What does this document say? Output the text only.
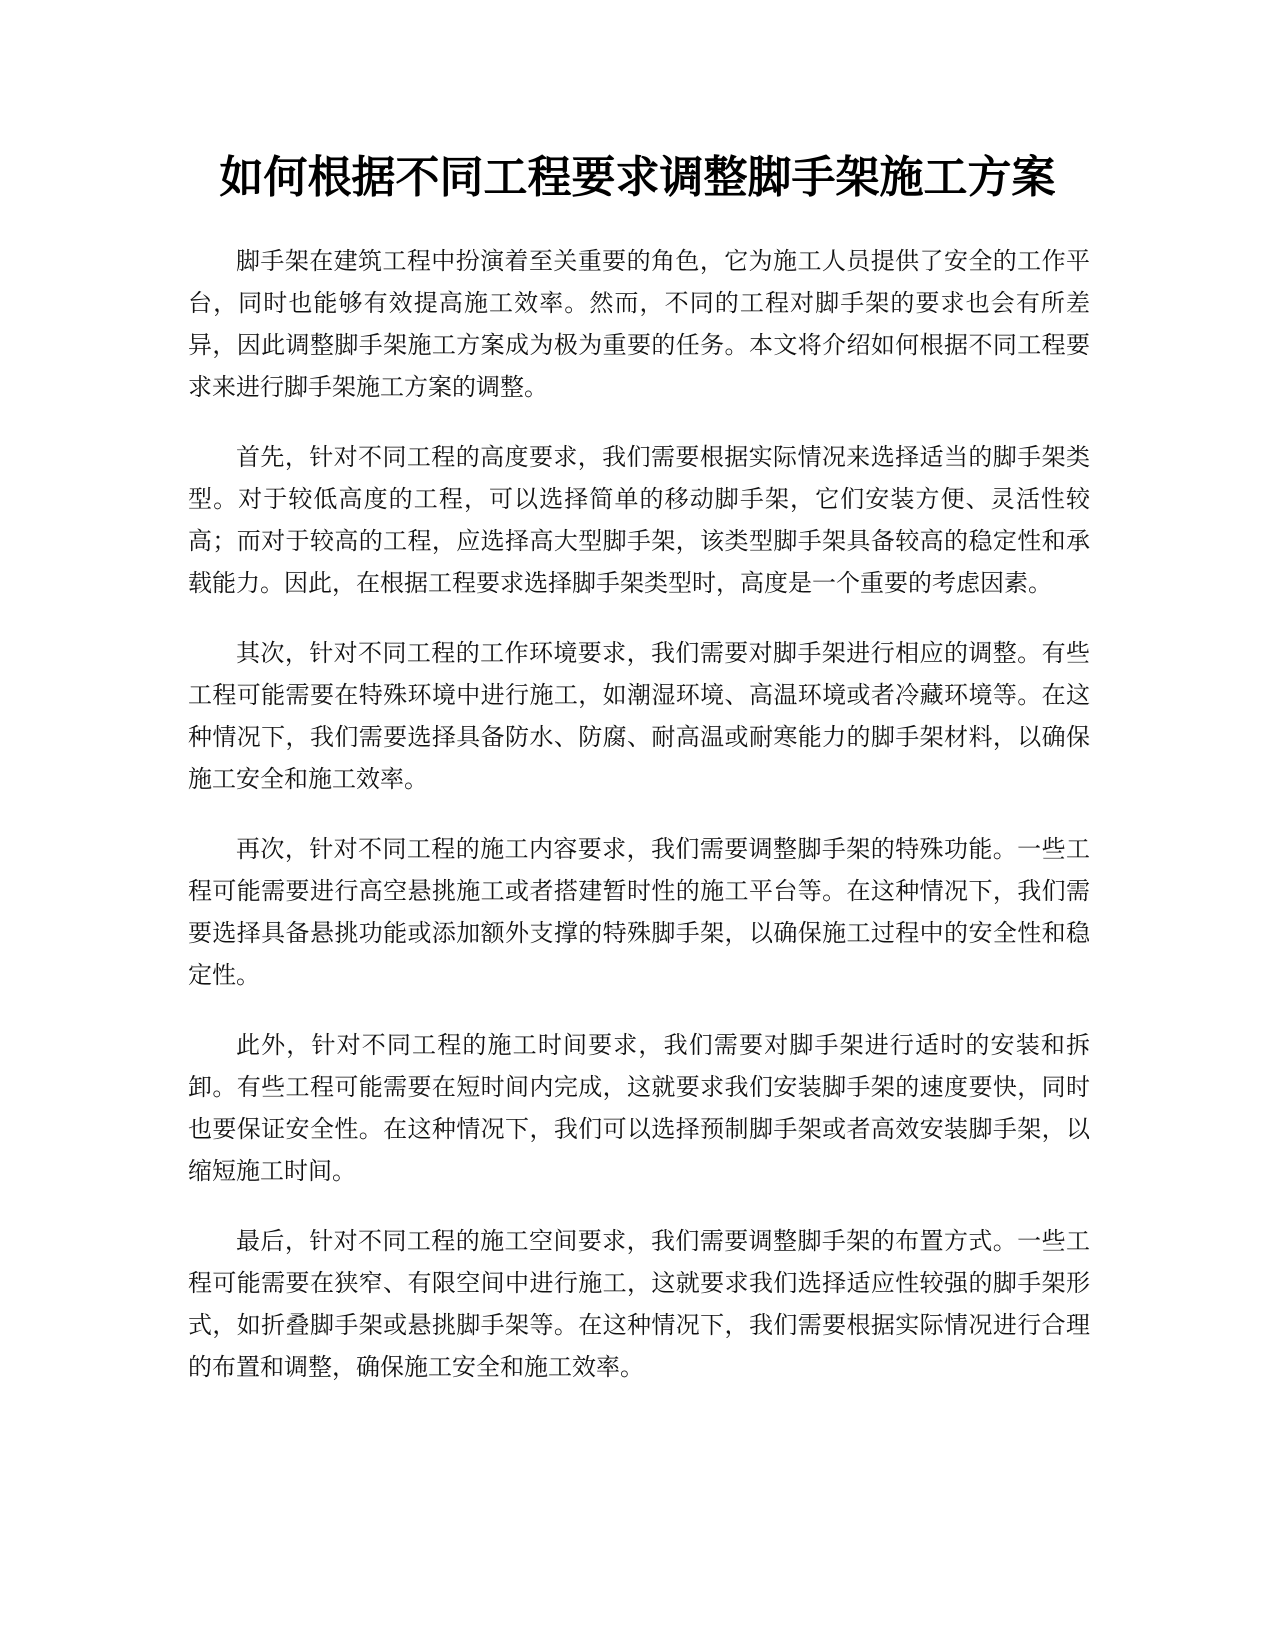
如何根据不同工程要求调整脚手架施工方案

脚手架在建筑工程中扮演着至关重要的角色，它为施工人员提供了安全的工作平台，同时也能够有效提高施工效率。然而，不同的工程对脚手架的要求也会有所差异，因此调整脚手架施工方案成为极为重要的任务。本文将介绍如何根据不同工程要求来进行脚手架施工方案的调整。

首先，针对不同工程的高度要求，我们需要根据实际情况来选择适当的脚手架类型。对于较低高度的工程，可以选择简单的移动脚手架，它们安装方便、灵活性较高；而对于较高的工程，应选择高大型脚手架，该类型脚手架具备较高的稳定性和承载能力。因此，在根据工程要求选择脚手架类型时，高度是一个重要的考虑因素。

其次，针对不同工程的工作环境要求，我们需要对脚手架进行相应的调整。有些工程可能需要在特殊环境中进行施工，如潮湿环境、高温环境或者冷藏环境等。在这种情况下，我们需要选择具备防水、防腐、耐高温或耐寒能力的脚手架材料，以确保施工安全和施工效率。

再次，针对不同工程的施工内容要求，我们需要调整脚手架的特殊功能。一些工程可能需要进行高空悬挑施工或者搭建暂时性的施工平台等。在这种情况下，我们需要选择具备悬挑功能或添加额外支撑的特殊脚手架，以确保施工过程中的安全性和稳定性。

此外，针对不同工程的施工时间要求，我们需要对脚手架进行适时的安装和拆卸。有些工程可能需要在短时间内完成，这就要求我们安装脚手架的速度要快，同时也要保证安全性。在这种情况下，我们可以选择预制脚手架或者高效安装脚手架，以缩短施工时间。

最后，针对不同工程的施工空间要求，我们需要调整脚手架的布置方式。一些工程可能需要在狭窄、有限空间中进行施工，这就要求我们选择适应性较强的脚手架形式，如折叠脚手架或悬挑脚手架等。在这种情况下，我们需要根据实际情况进行合理的布置和调整，确保施工安全和施工效率。
